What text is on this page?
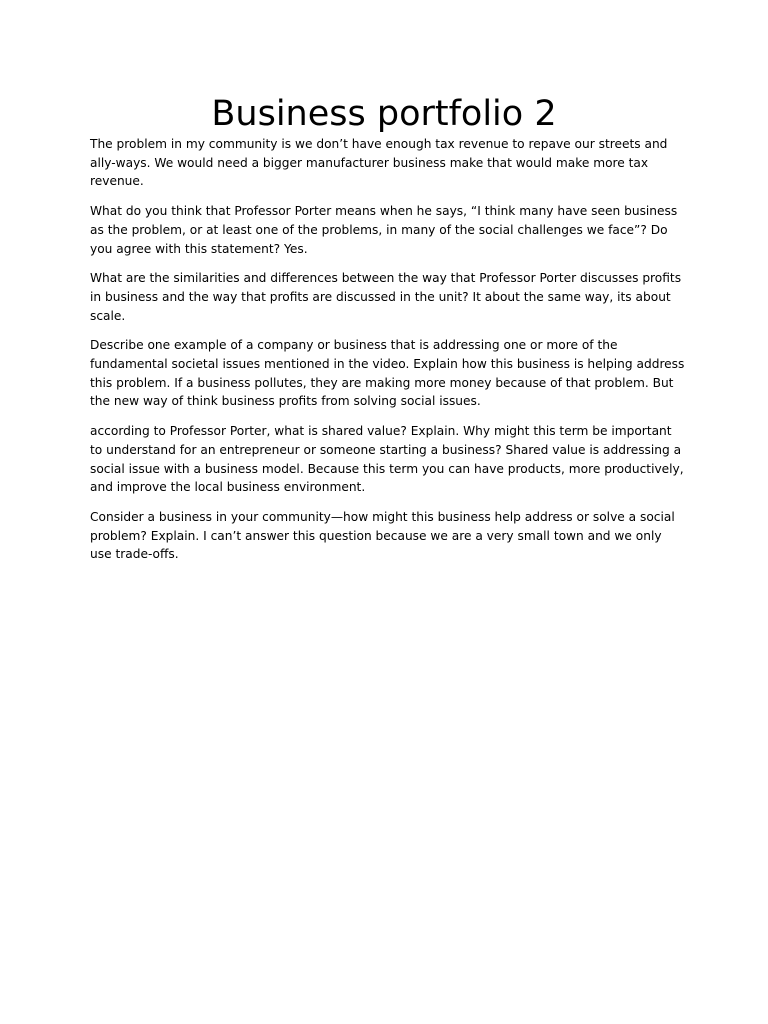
Business portfolio 2

The problem in my community is we don’t have enough tax revenue to repave our streets and ally-ways. We would need a bigger manufacturer business make that would make more tax revenue.

What do you think that Professor Porter means when he says, “I think many have seen business as the problem, or at least one of the problems, in many of the social challenges we face”? Do you agree with this statement? Yes.

What are the similarities and differences between the way that Professor Porter discusses profits in business and the way that profits are discussed in the unit? It about the same way, its about scale.

Describe one example of a company or business that is addressing one or more of the fundamental societal issues mentioned in the video. Explain how this business is helping address this problem. If a business pollutes, they are making more money because of that problem. But the new way of think business profits from solving social issues.

according to Professor Porter, what is shared value? Explain. Why might this term be important to understand for an entrepreneur or someone starting a business? Shared value is addressing a social issue with a business model. Because this term you can have products, more productively, and improve the local business environment.

Consider a business in your community—how might this business help address or solve a social problem? Explain. I can’t answer this question because we are a very small town and we only use trade-offs.
